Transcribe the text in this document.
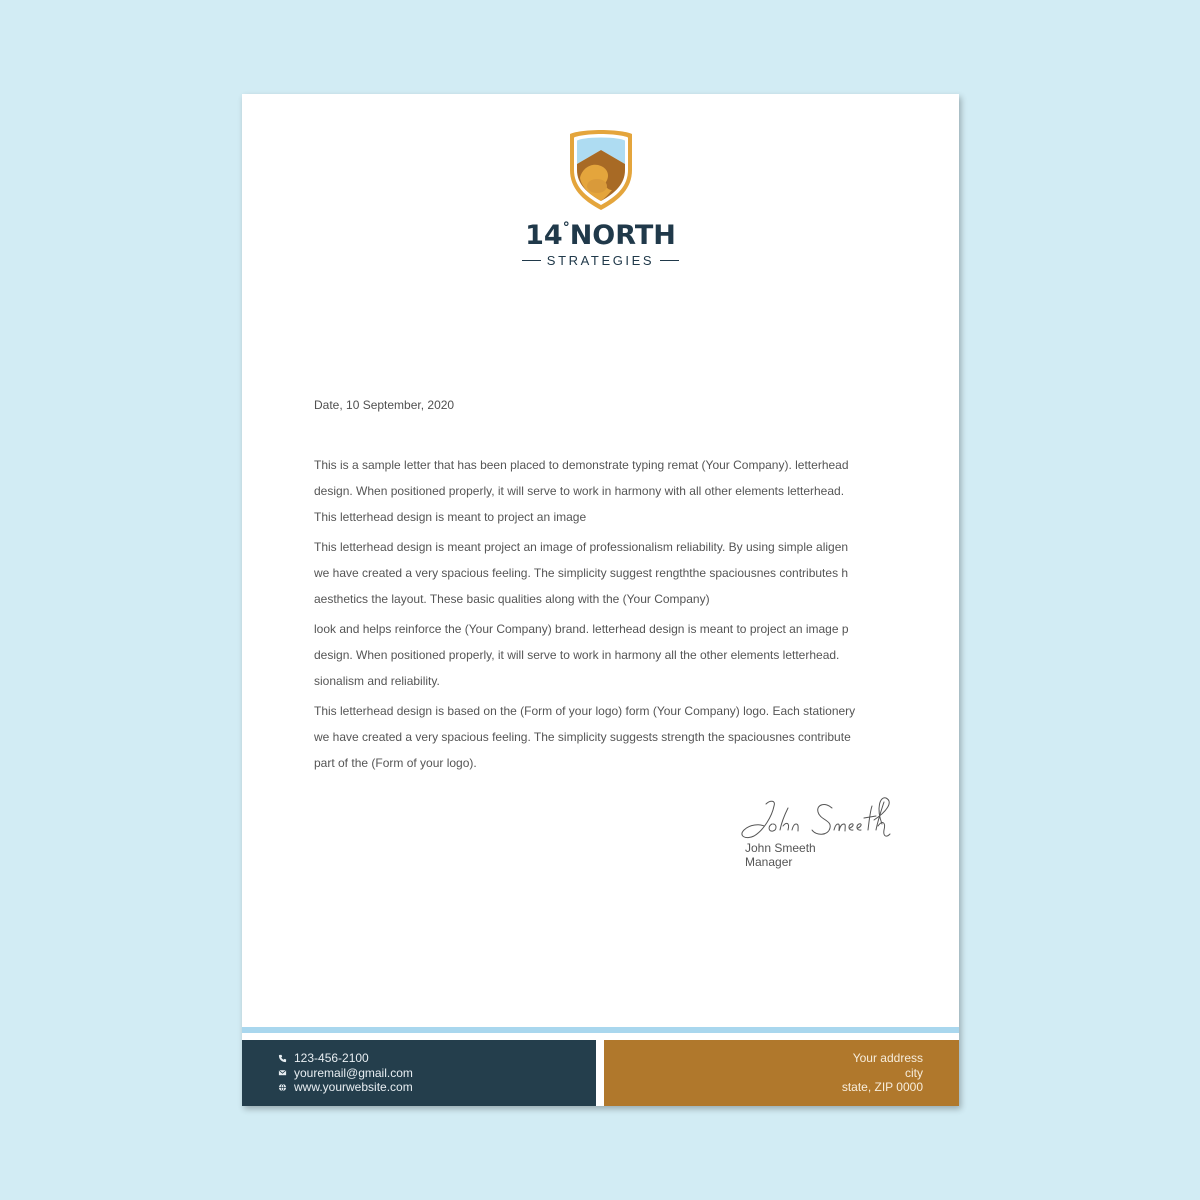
14°NORTH
STRATEGIES
Date, 10 September, 2020

This is a sample letter that has been placed to demonstrate typing remat (Your Company). letterhead
design. When positioned properly, it will serve to work in harmony with all other elements letterhead.
This letterhead design is meant to project an image

This letterhead design is meant project an image of professionalism reliability. By using simple aligen
we have created a very spacious feeling. The simplicity suggest rengththe spaciousnes contributes h
aesthetics the layout. These basic qualities along with the (Your Company)

look and helps reinforce the (Your Company) brand. letterhead design is meant to project an image p
design. When positioned properly, it will serve to work in harmony all the other elements letterhead.
sionalism and reliability.

This letterhead design is based on the (Form of your logo) form (Your Company) logo. Each stationery
we have created a very spacious feeling. The simplicity suggests strength the spaciousnes contribute
part of the (Form of your logo).

John Smeeth
Manager
123-456-2100
youremail@gmail.com
www.yourwebsite.com
Your address
city
state, ZIP 0000
